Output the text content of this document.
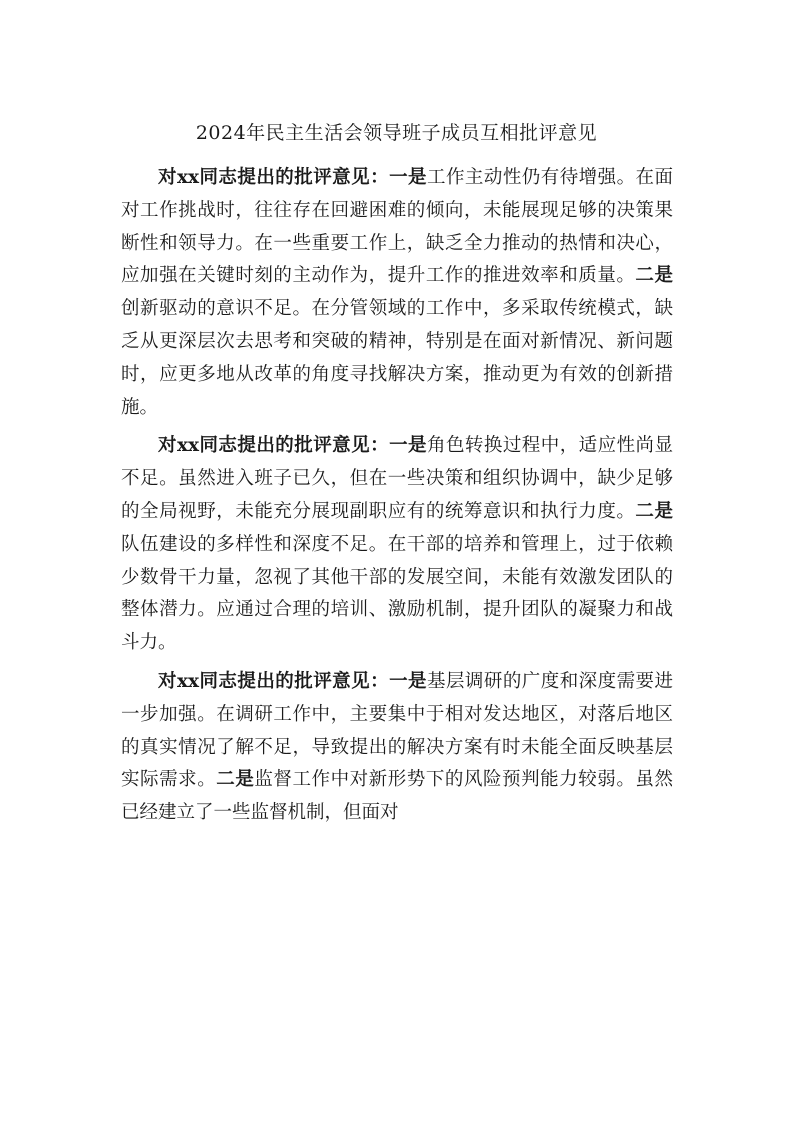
2024年民主生活会领导班子成员互相批评意见

对xx同志提出的批评意见：一是工作主动性仍有待增强。在面对工作挑战时，往往存在回避困难的倾向，未能展现足够的决策果断性和领导力。在一些重要工作上，缺乏全力推动的热情和决心，应加强在关键时刻的主动作为，提升工作的推进效率和质量。二是创新驱动的意识不足。在分管领域的工作中，多采取传统模式，缺乏从更深层次去思考和突破的精神，特别是在面对新情况、新问题时，应更多地从改革的角度寻找解决方案，推动更为有效的创新措施。

对xx同志提出的批评意见：一是角色转换过程中，适应性尚显不足。虽然进入班子已久，但在一些决策和组织协调中，缺少足够的全局视野，未能充分展现副职应有的统筹意识和执行力度。二是队伍建设的多样性和深度不足。在干部的培养和管理上，过于依赖少数骨干力量，忽视了其他干部的发展空间，未能有效激发团队的整体潜力。应通过合理的培训、激励机制，提升团队的凝聚力和战斗力。

对xx同志提出的批评意见：一是基层调研的广度和深度需要进一步加强。在调研工作中，主要集中于相对发达地区，对落后地区的真实情况了解不足，导致提出的解决方案有时未能全面反映基层实际需求。二是监督工作中对新形势下的风险预判能力较弱。虽然已经建立了一些监督机制，但面对
